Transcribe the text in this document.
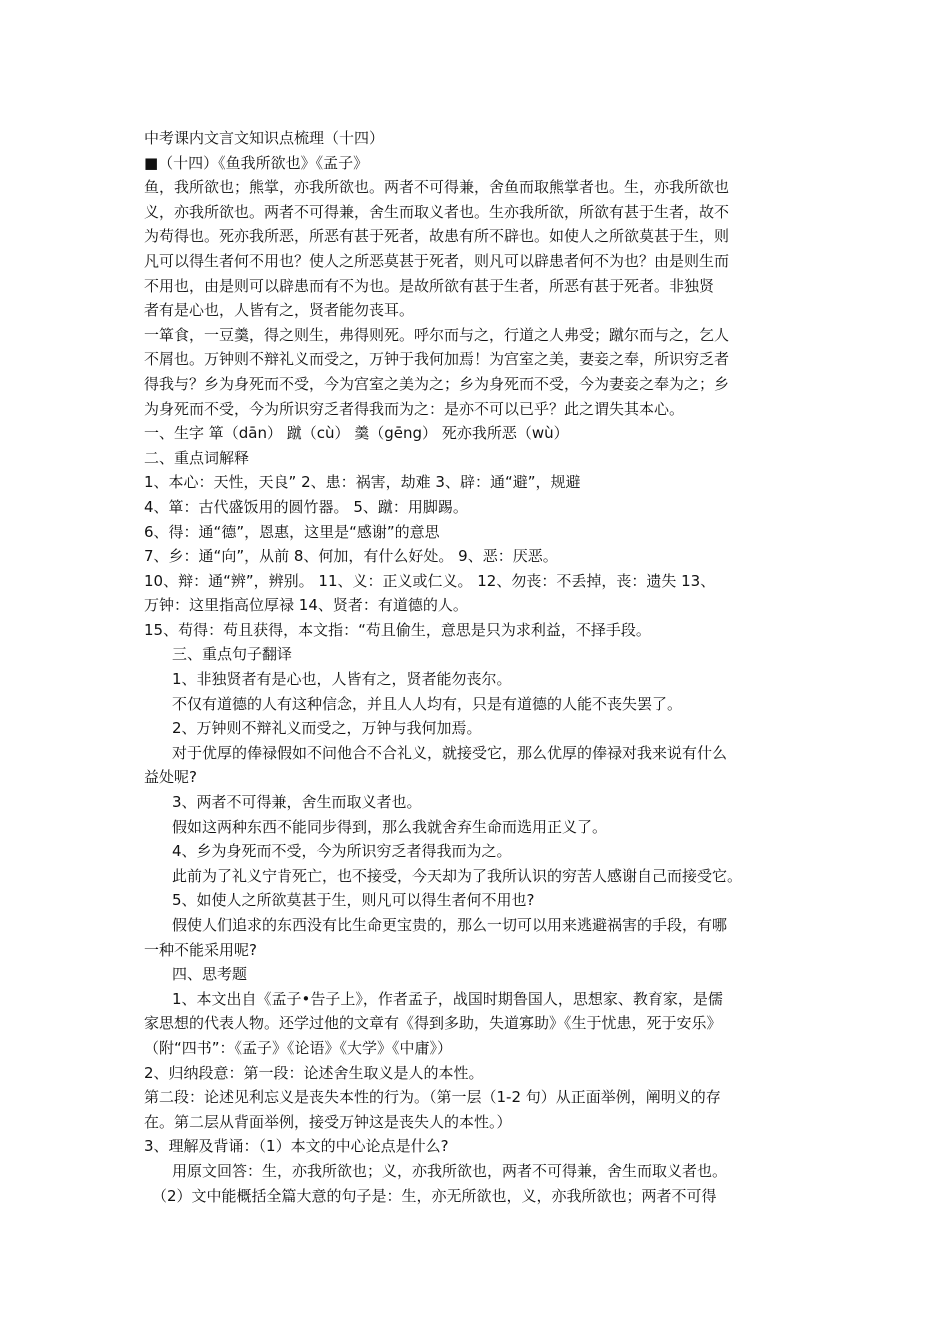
中考课内文言文知识点梳理（十四）
■（十四）《鱼我所欲也》《孟子》
鱼，我所欲也；熊掌，亦我所欲也。两者不可得兼，舍鱼而取熊掌者也。生，亦我所欲也
义，亦我所欲也。两者不可得兼，舍生而取义者也。生亦我所欲，所欲有甚于生者，故不
为苟得也。死亦我所恶，所恶有甚于死者，故患有所不辟也。如使人之所欲莫甚于生，则
凡可以得生者何不用也？使人之所恶莫甚于死者，则凡可以辟患者何不为也？由是则生而
不用也，由是则可以辟患而有不为也。是故所欲有甚于生者，所恶有甚于死者。非独贤
者有是心也，人皆有之，贤者能勿丧耳。
一箪食，一豆羹，得之则生，弗得则死。呼尔而与之，行道之人弗受；蹴尔而与之，乞人
不屑也。万钟则不辩礼义而受之，万钟于我何加焉！为宫室之美，妻妾之奉，所识穷乏者
得我与？乡为身死而不受，今为宫室之美为之；乡为身死而不受，今为妻妾之奉为之；乡
为身死而不受，今为所识穷乏者得我而为之：是亦不可以已乎？此之谓失其本心。
一、生字 箪（dān） 蹴（cù） 羹（gēng） 死亦我所恶（wù）
二、重点词解释
1、本心：天性，天良” 2、患：祸害，劫难 3、辟：通“避”，规避
4、箪：古代盛饭用的圆竹器。 5、蹴：用脚踢。
6、得：通“德”，恩惠，这里是“感谢”的意思
7、乡：通“向”，从前 8、何加，有什么好处。 9、恶：厌恶。
10、辩：通“辨”，辨别。 11、义：正义或仁义。 12、勿丧：不丢掉，丧：遗失 13、
万钟：这里指高位厚禄 14、贤者：有道德的人。
15、苟得：苟且获得，本文指：“苟且偷生，意思是只为求利益，不择手段。
三、重点句子翻译
1、非独贤者有是心也，人皆有之，贤者能勿丧尔。
不仅有道德的人有这种信念，并且人人均有，只是有道德的人能不丧失罢了。
2、万钟则不辩礼义而受之，万钟与我何加焉。
对于优厚的俸禄假如不问他合不合礼义，就接受它，那么优厚的俸禄对我来说有什么
益处呢?
3、两者不可得兼，舍生而取义者也。
假如这两种东西不能同步得到，那么我就舍弃生命而选用正义了。
4、乡为身死而不受，今为所识穷乏者得我而为之。
此前为了礼义宁肯死亡，也不接受，今天却为了我所认识的穷苦人感谢自己而接受它。
5、如使人之所欲莫甚于生，则凡可以得生者何不用也?
假使人们追求的东西没有比生命更宝贵的，那么一切可以用来逃避祸害的手段，有哪
一种不能采用呢?
四、思考题
1、本文出自《孟子•告子上》，作者孟子，战国时期鲁国人，思想家、教育家，是儒
家思想的代表人物。还学过他的文章有《得到多助，失道寡助》《生于忧患，死于安乐》
（附“四书”：《孟子》《论语》《大学》《中庸》）
2、归纳段意：第一段：论述舍生取义是人的本性。
第二段：论述见利忘义是丧失本性的行为。（第一层（1-2 句）从正面举例，阐明义的存
在。第二层从背面举例，接受万钟这是丧失人的本性。）
3、理解及背诵：（1）本文的中心论点是什么?
用原文回答：生，亦我所欲也；义，亦我所欲也，两者不可得兼，舍生而取义者也。
（2）文中能概括全篇大意的句子是：生，亦无所欲也，义，亦我所欲也；两者不可得
